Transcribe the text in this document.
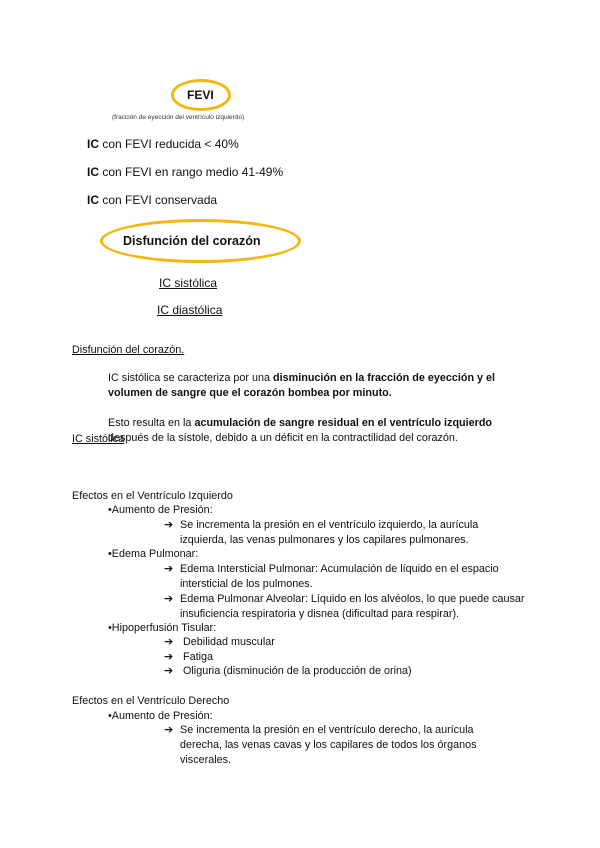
FEVI
(fracción de eyección del ventrículo izquierdo)
IC con FEVI reducida < 40%
IC con FEVI en rango medio 41-49%
IC con FEVI conservada
Disfunción del corazón
IC sistólica
IC diastólica
Disfunción del corazón.
IC sistólica se caracteriza por una disminución en la fracción de eyección y el volumen de sangre que el corazón bombea por minuto.
Esto resulta en la acumulación de sangre residual en el ventrículo izquierdo después de la sístole, debido a un déficit en la contractilidad del corazón.
IC sistólica
Efectos en el Ventrículo Izquierdo
•Aumento de Presión:
➔ Se incrementa la presión en el ventrículo izquierdo, la aurícula izquierda, las venas pulmonares y los capilares pulmonares.
•Edema Pulmonar:
➔ Edema Intersticial Pulmonar: Acumulación de líquido en el espacio intersticial de los pulmones.
➔ Edema Pulmonar Alveolar: Líquido en los alvéolos, lo que puede causar insuficiencia respiratoria y disnea (dificultad para respirar).
•Hipoperfusión Tisular:
➔ Debilidad muscular
➔ Fatiga
➔ Oliguria (disminución de la producción de orina)
Efectos en el Ventrículo Derecho
•Aumento de Presión:
➔ Se incrementa la presión en el ventrículo derecho, la aurícula derecha, las venas cavas y los capilares de todos los órganos viscerales.
